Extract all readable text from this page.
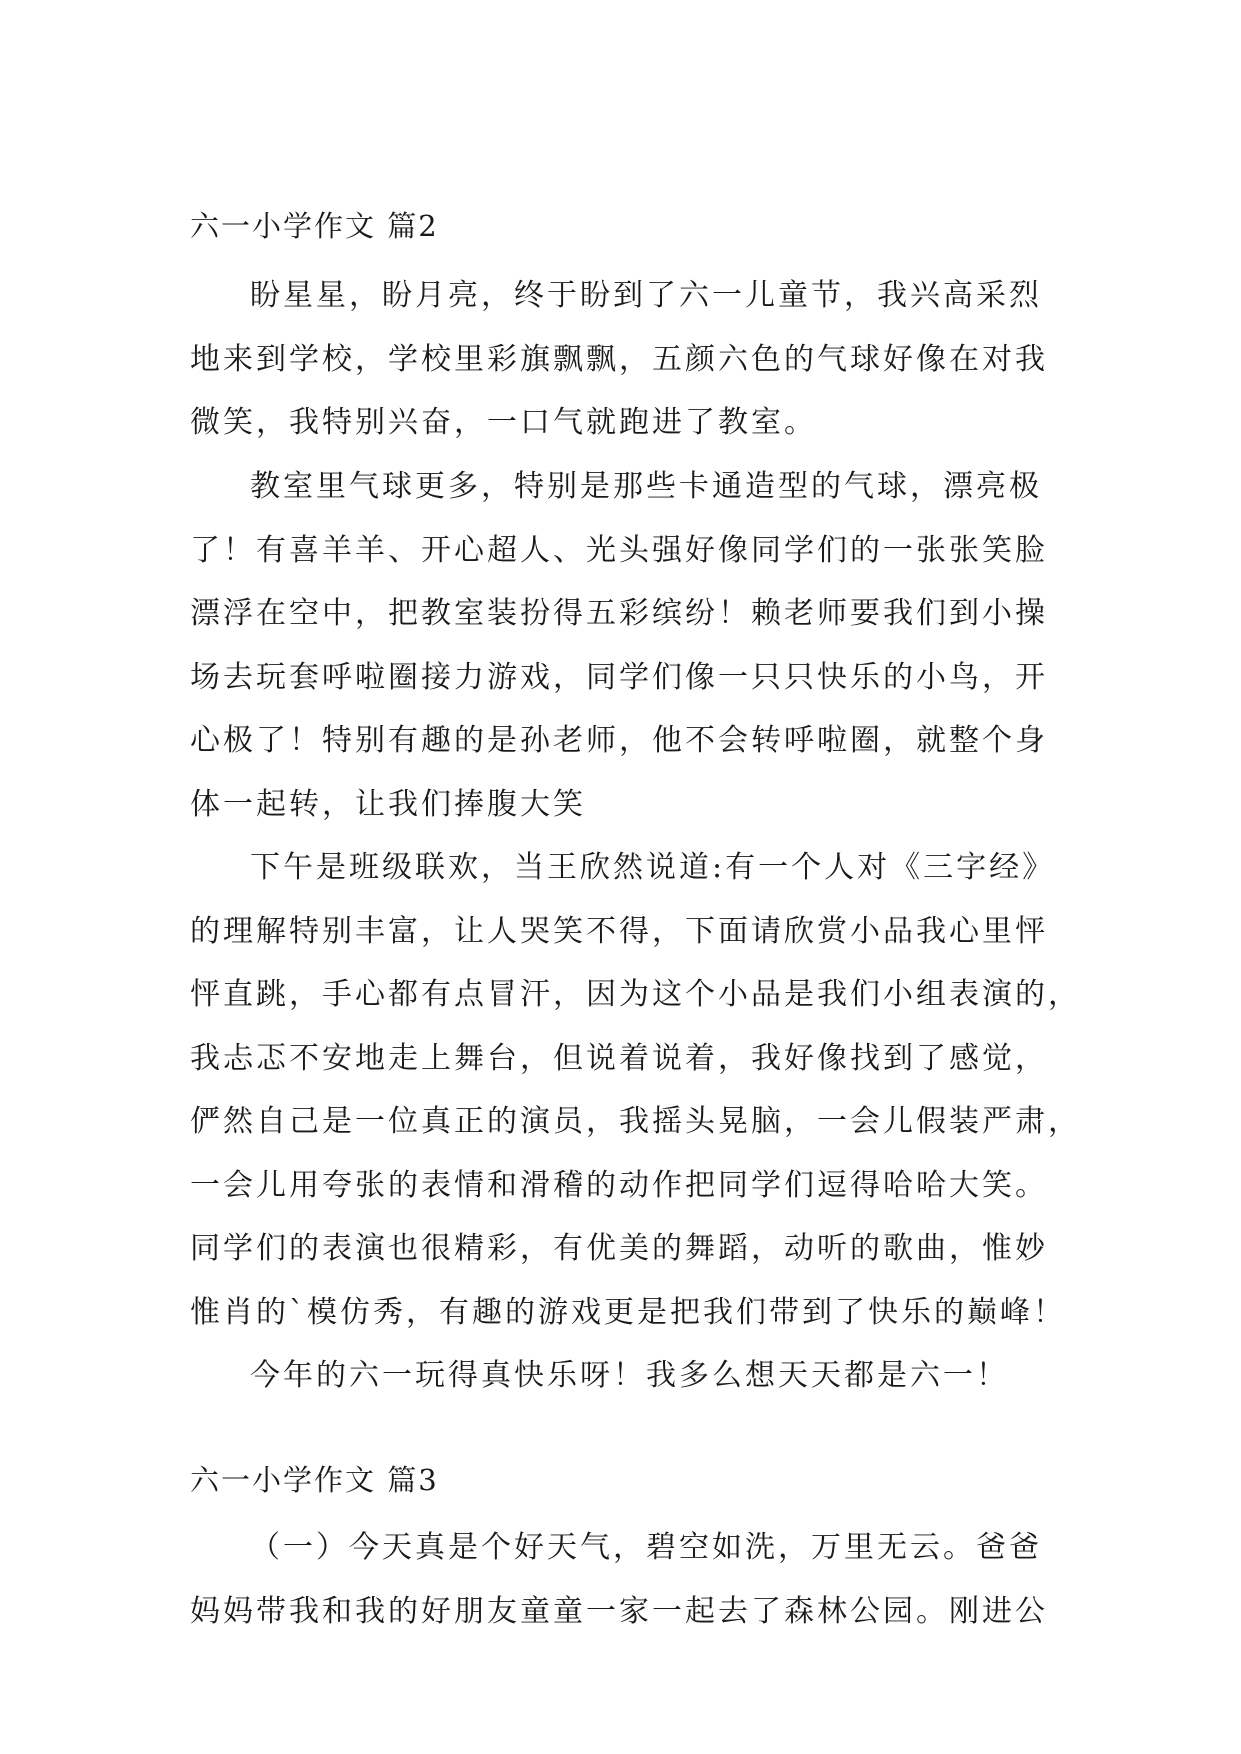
六一小学作文 篇2
盼星星，盼月亮，终于盼到了六一儿童节，我兴高采烈
地来到学校，学校里彩旗飘飘，五颜六色的气球好像在对我
微笑，我特别兴奋，一口气就跑进了教室。
教室里气球更多，特别是那些卡通造型的气球，漂亮极
了！有喜羊羊、开心超人、光头强好像同学们的一张张笑脸
漂浮在空中，把教室装扮得五彩缤纷！赖老师要我们到小操
场去玩套呼啦圈接力游戏，同学们像一只只快乐的小鸟，开
心极了！特别有趣的是孙老师，他不会转呼啦圈，就整个身
体一起转，让我们捧腹大笑
下午是班级联欢，当王欣然说道:有一个人对《三字经》
的理解特别丰富，让人哭笑不得，下面请欣赏小品我心里怦
怦直跳，手心都有点冒汗，因为这个小品是我们小组表演的，
我忐忑不安地走上舞台，但说着说着，我好像找到了感觉，
俨然自己是一位真正的演员，我摇头晃脑，一会儿假装严肃，
一会儿用夸张的表情和滑稽的动作把同学们逗得哈哈大笑。
同学们的表演也很精彩，有优美的舞蹈，动听的歌曲，惟妙
惟肖的`模仿秀，有趣的游戏更是把我们带到了快乐的巅峰！
今年的六一玩得真快乐呀！我多么想天天都是六一！
六一小学作文 篇3
（一）今天真是个好天气，碧空如洗，万里无云。爸爸
妈妈带我和我的好朋友童童一家一起去了森林公园。刚进公
